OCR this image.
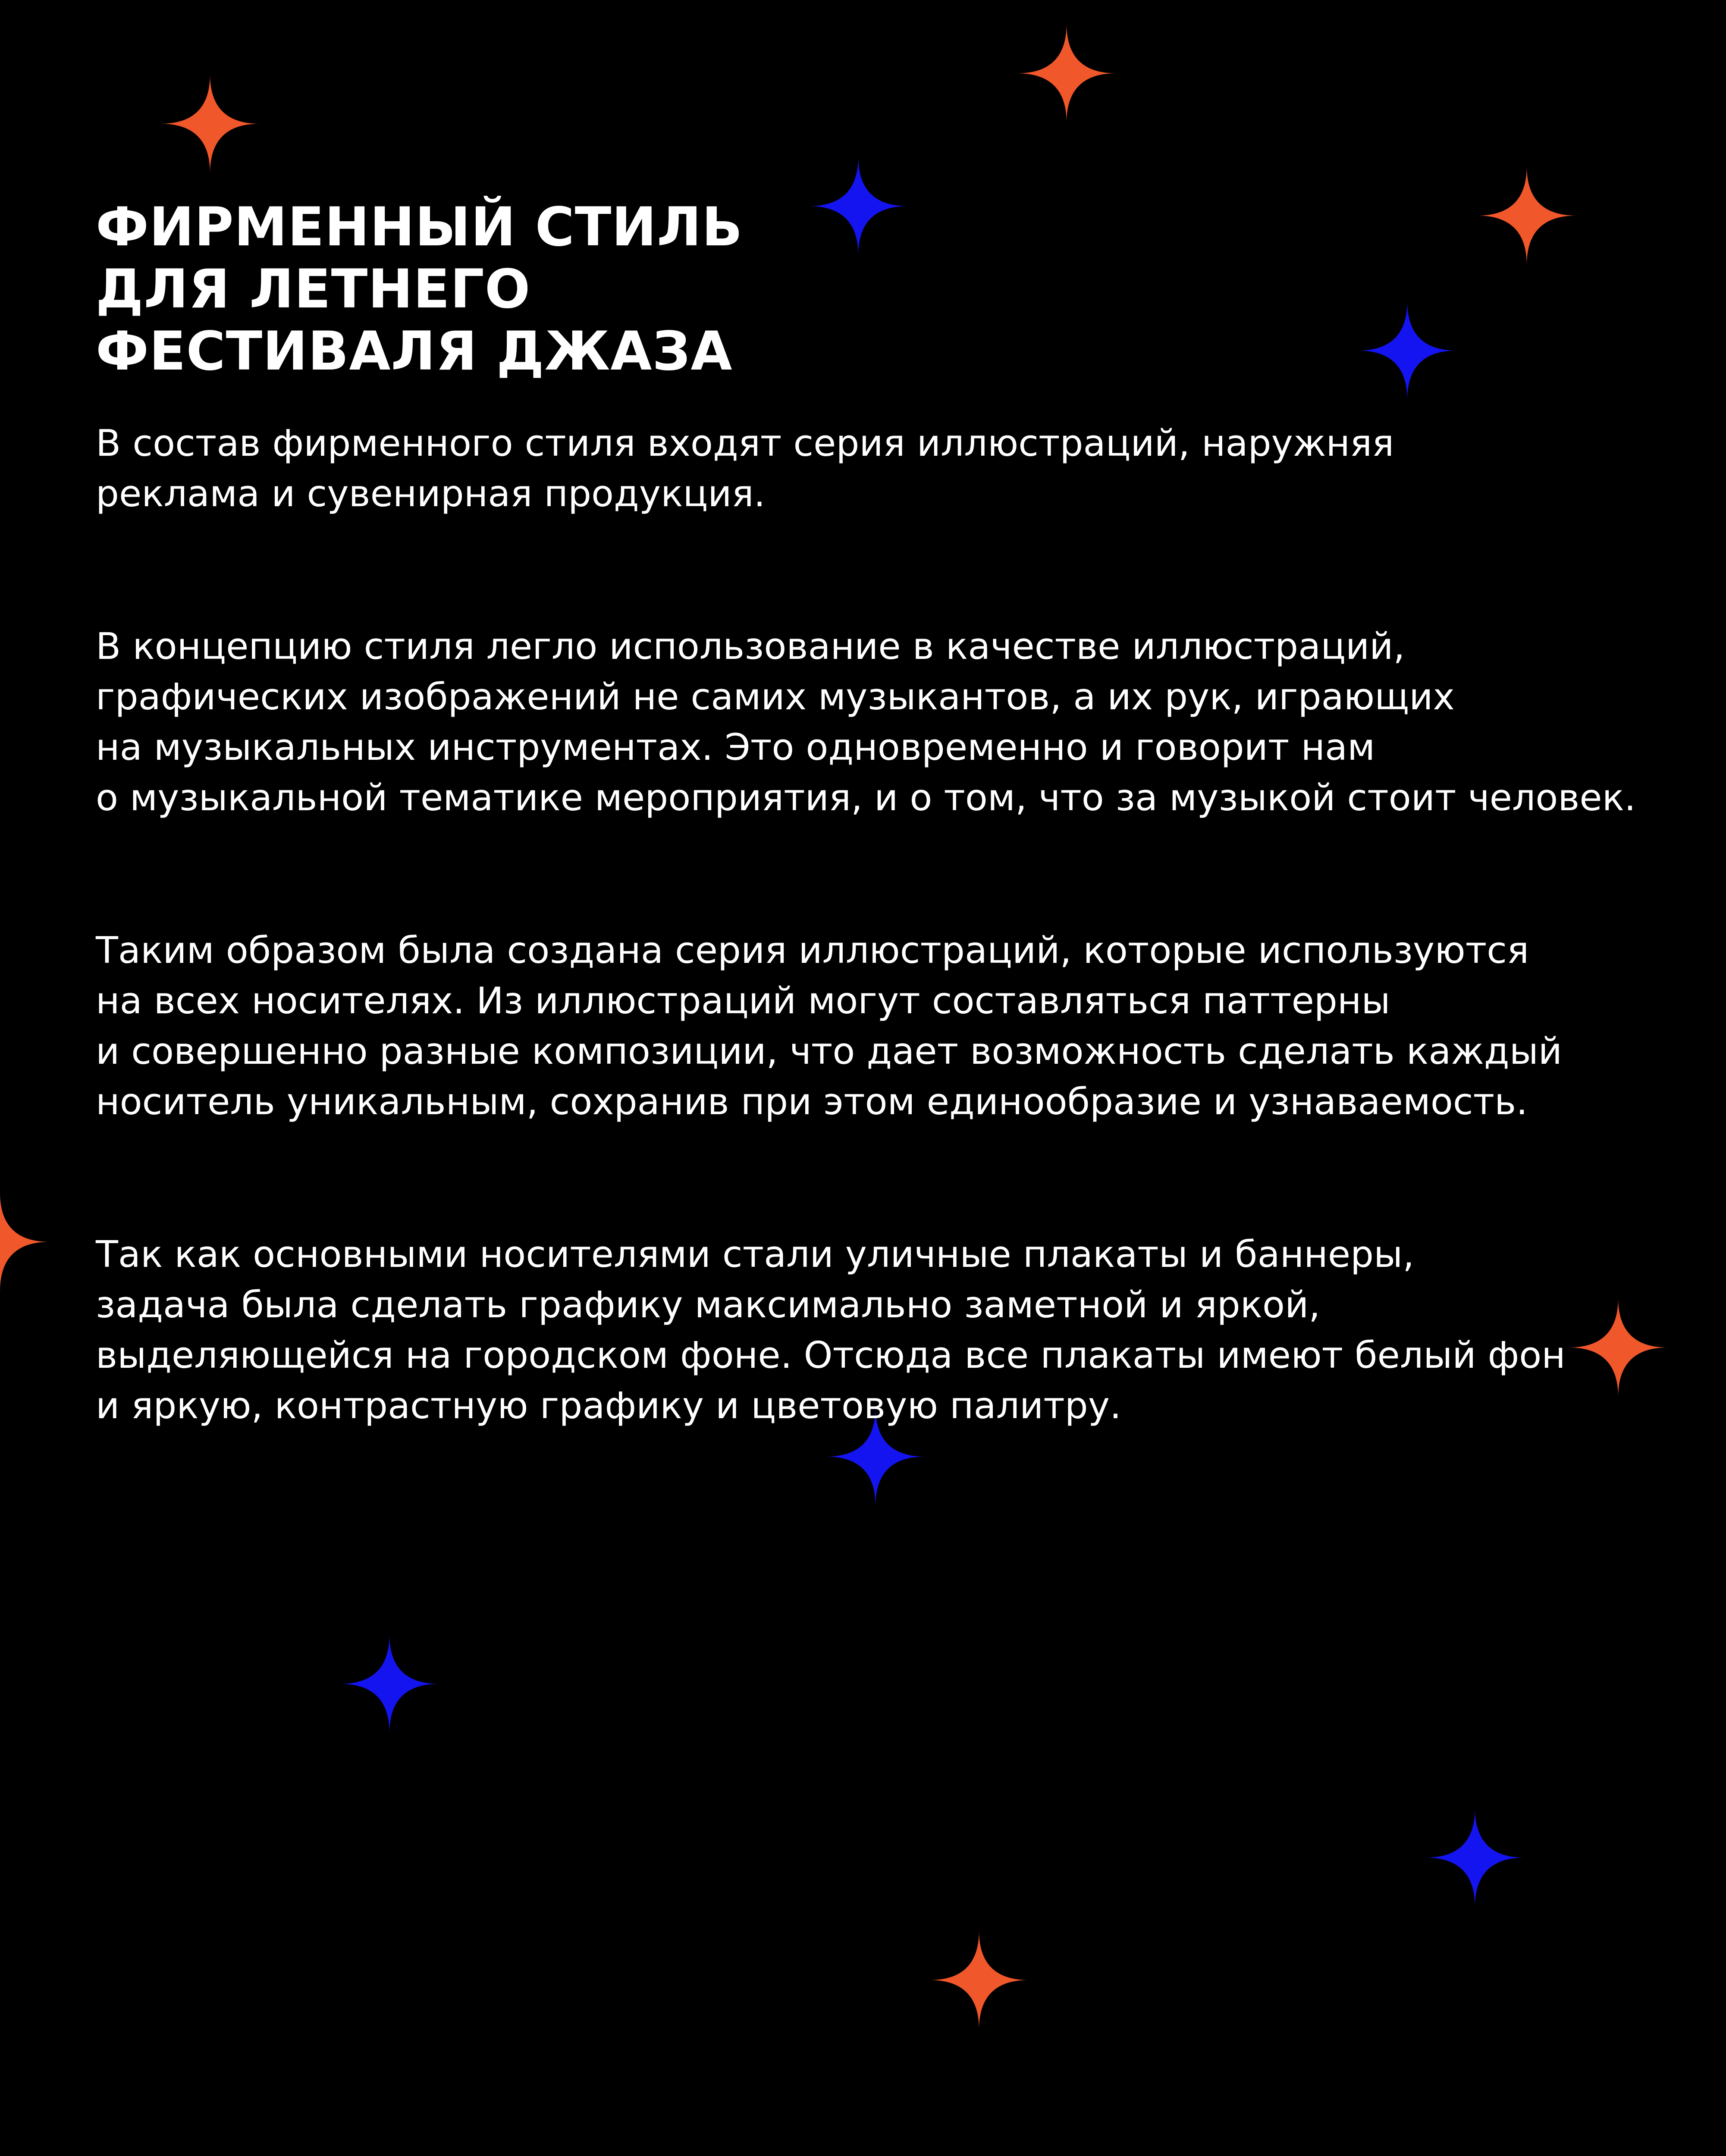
ФИРМЕННЫЙ СТИЛЬ
ДЛЯ ЛЕТНЕГО
ФЕСТИВАЛЯ ДЖАЗА

В состав фирменного стиля входят серия иллюстраций, наружняя
реклама и сувенирная продукция.

В концепцию стиля легло использование в качестве иллюстраций,
графических изображений не самих музыкантов, а их рук, играющих
на музыкальных инструментах. Это одновременно и говорит нам
о музыкальной тематике мероприятия, и о том, что за музыкой стоит человек.

Таким образом была создана серия иллюстраций, которые используются
на всех носителях. Из иллюстраций могут составляться паттерны
и совершенно разные композиции, что дает возможность сделать каждый
носитель уникальным, сохранив при этом единообразие и узнаваемость.

Так как основными носителями стали уличные плакаты и баннеры,
задача была сделать графику максимально заметной и яркой,
выделяющейся на городском фоне. Отсюда все плакаты имеют белый фон
и яркую, контрастную графику и цветовую палитру.
